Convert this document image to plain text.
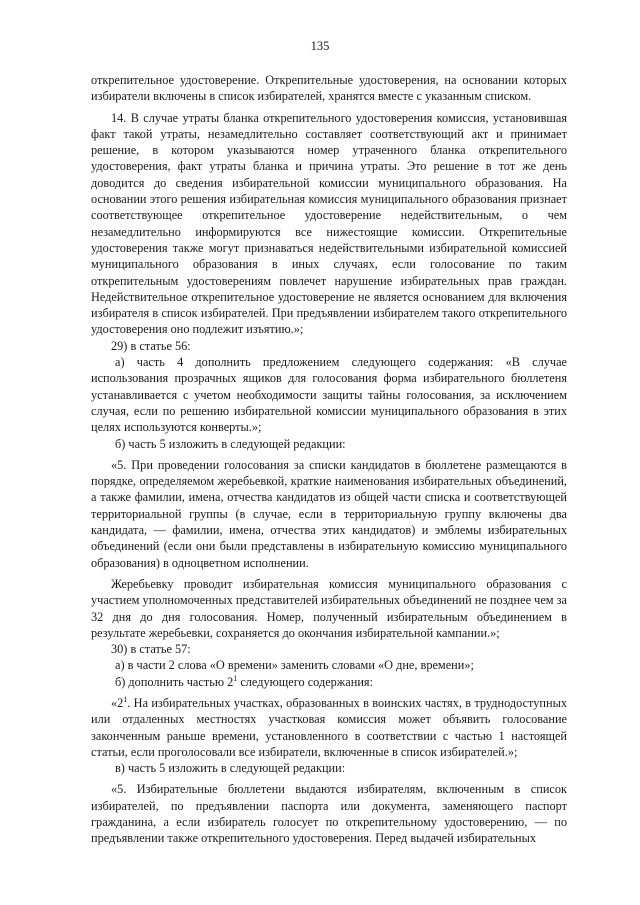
135

открепительное удостоверение. Открепительные удостоверения, на основании которых избиратели включены в список избирателей, хранятся вместе с указанным списком.

14. В случае утраты бланка открепительного удостоверения комиссия, установившая факт такой утраты, незамедлительно составляет соответствующий акт и принимает решение, в котором указываются номер утраченного бланка открепительного удостоверения, факт утраты бланка и причина утраты. Это решение в тот же день доводится до сведения избирательной комиссии муниципального образования. На основании этого решения избирательная комиссия муниципального образования признает соответствующее открепительное удостоверение недействительным, о чем незамедлительно информируются все нижестоящие комиссии. Открепительные удостоверения также могут признаваться недействительными избирательной комиссией муниципального образования в иных случаях, если голосование по таким открепительным удостоверениям повлечет нарушение избирательных прав граждан. Недействительное открепительное удостоверение не является основанием для включения избирателя в список избирателей. При предъявлении избирателем такого открепительного удостоверения оно подлежит изъятию.»;

29) в статье 56:

а) часть 4 дополнить предложением следующего содержания: «В случае использования прозрачных ящиков для голосования форма избирательного бюллетеня устанавливается с учетом необходимости защиты тайны голосования, за исключением случая, если по решению избирательной комиссии муниципального образования в этих целях используются конверты.»;

б) часть 5 изложить в следующей редакции:

«5. При проведении голосования за списки кандидатов в бюллетене размещаются в порядке, определяемом жеребьевкой, краткие наименования избирательных объединений, а также фамилии, имена, отчества кандидатов из общей части списка и соответствующей территориальной группы (в случае, если в территориальную группу включены два кандидата, — фамилии, имена, отчества этих кандидатов) и эмблемы избирательных объединений (если они были представлены в избирательную комиссию муниципального образования) в одноцветном исполнении.

Жеребьевку проводит избирательная комиссия муниципального образования с участием уполномоченных представителей избирательных объединений не позднее чем за 32 дня до дня голосования. Номер, полученный избирательным объединением в результате жеребьевки, сохраняется до окончания избирательной кампании.»;

30) в статье 57:

а) в части 2 слова «О времени» заменить словами «О дне, времени»;

б) дополнить частью $2^1$ следующего содержания:

«$2^1$. На избирательных участках, образованных в воинских частях, в труднодоступных или отдаленных местностях участковая комиссия может объявить голосование законченным раньше времени, установленного в соответствии с частью 1 настоящей статьи, если проголосовали все избиратели, включенные в список избирателей.»;

в) часть 5 изложить в следующей редакции:

«5. Избирательные бюллетени выдаются избирателям, включенным в список избирателей, по предъявлении паспорта или документа, заменяющего паспорт гражданина, а если избиратель голосует по открепительному удостоверению, — по предъявлении также открепительного удостоверения. Перед выдачей избирательных
